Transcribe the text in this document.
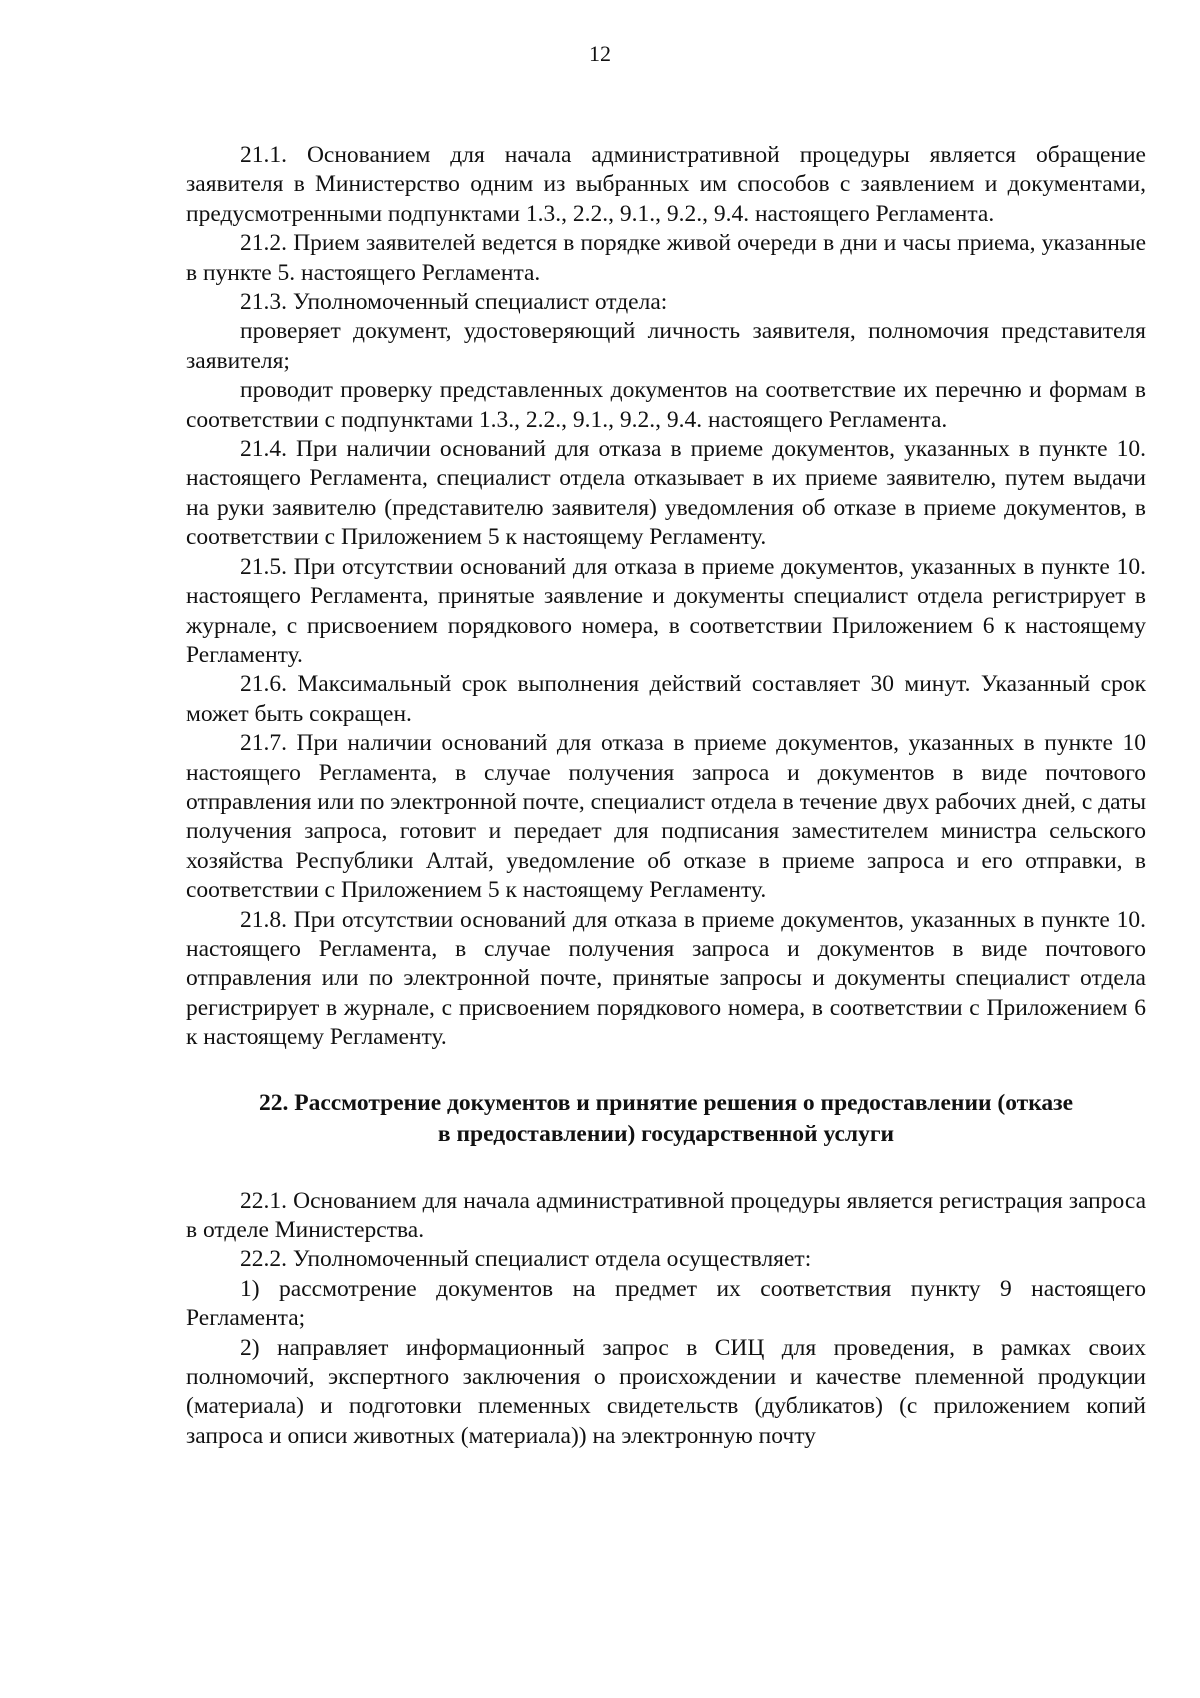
12

21.1. Основанием для начала административной процедуры является обращение заявителя в Министерство одним из выбранных им способов с заявлением и документами, предусмотренными подпунктами 1.3., 2.2., 9.1., 9.2., 9.4. настоящего Регламента.

21.2. Прием заявителей ведется в порядке живой очереди в дни и часы приема, указанные в пункте 5. настоящего Регламента.

21.3. Уполномоченный специалист отдела:

проверяет документ, удостоверяющий личность заявителя, полномочия представителя заявителя;

проводит проверку представленных документов на соответствие их перечню и формам в соответствии с подпунктами 1.3., 2.2., 9.1., 9.2., 9.4. настоящего Регламента.

21.4. При наличии оснований для отказа в приеме документов, указанных в пункте 10. настоящего Регламента, специалист отдела отказывает в их приеме заявителю, путем выдачи на руки заявителю (представителю заявителя) уведомления об отказе в приеме документов, в соответствии с Приложением 5 к настоящему Регламенту.

21.5. При отсутствии оснований для отказа в приеме документов, указанных в пункте 10. настоящего Регламента, принятые заявление и документы специалист отдела регистрирует в журнале, с присвоением порядкового номера, в соответствии Приложением 6 к настоящему Регламенту.

21.6. Максимальный срок выполнения действий составляет 30 минут. Указанный срок может быть сокращен.

21.7. При наличии оснований для отказа в приеме документов, указанных в пункте 10 настоящего Регламента, в случае получения запроса и документов в виде почтового отправления или по электронной почте, специалист отдела в течение двух рабочих дней, с даты получения запроса, готовит и передает для подписания заместителем министра сельского хозяйства Республики Алтай, уведомление об отказе в приеме запроса и его отправки, в соответствии с Приложением 5 к настоящему Регламенту.

21.8. При отсутствии оснований для отказа в приеме документов, указанных в пункте 10. настоящего Регламента, в случае получения запроса и документов в виде почтового отправления или по электронной почте, принятые запросы и документы специалист отдела регистрирует в журнале, с присвоением порядкового номера, в соответствии с Приложением 6 к настоящему Регламенту.

22. Рассмотрение документов и принятие решения о предоставлении (отказе
в предоставлении) государственной услуги

22.1. Основанием для начала административной процедуры является регистрация запроса в отделе Министерства.

22.2. Уполномоченный специалист отдела осуществляет:

1) рассмотрение документов на предмет их соответствия пункту 9 настоящего Регламента;

2) направляет информационный запрос в СИЦ для проведения, в рамках своих полномочий, экспертного заключения о происхождении и качестве племенной продукции (материала) и подготовки племенных свидетельств (дубликатов) (с приложением копий запроса и описи животных (материала)) на электронную почту
